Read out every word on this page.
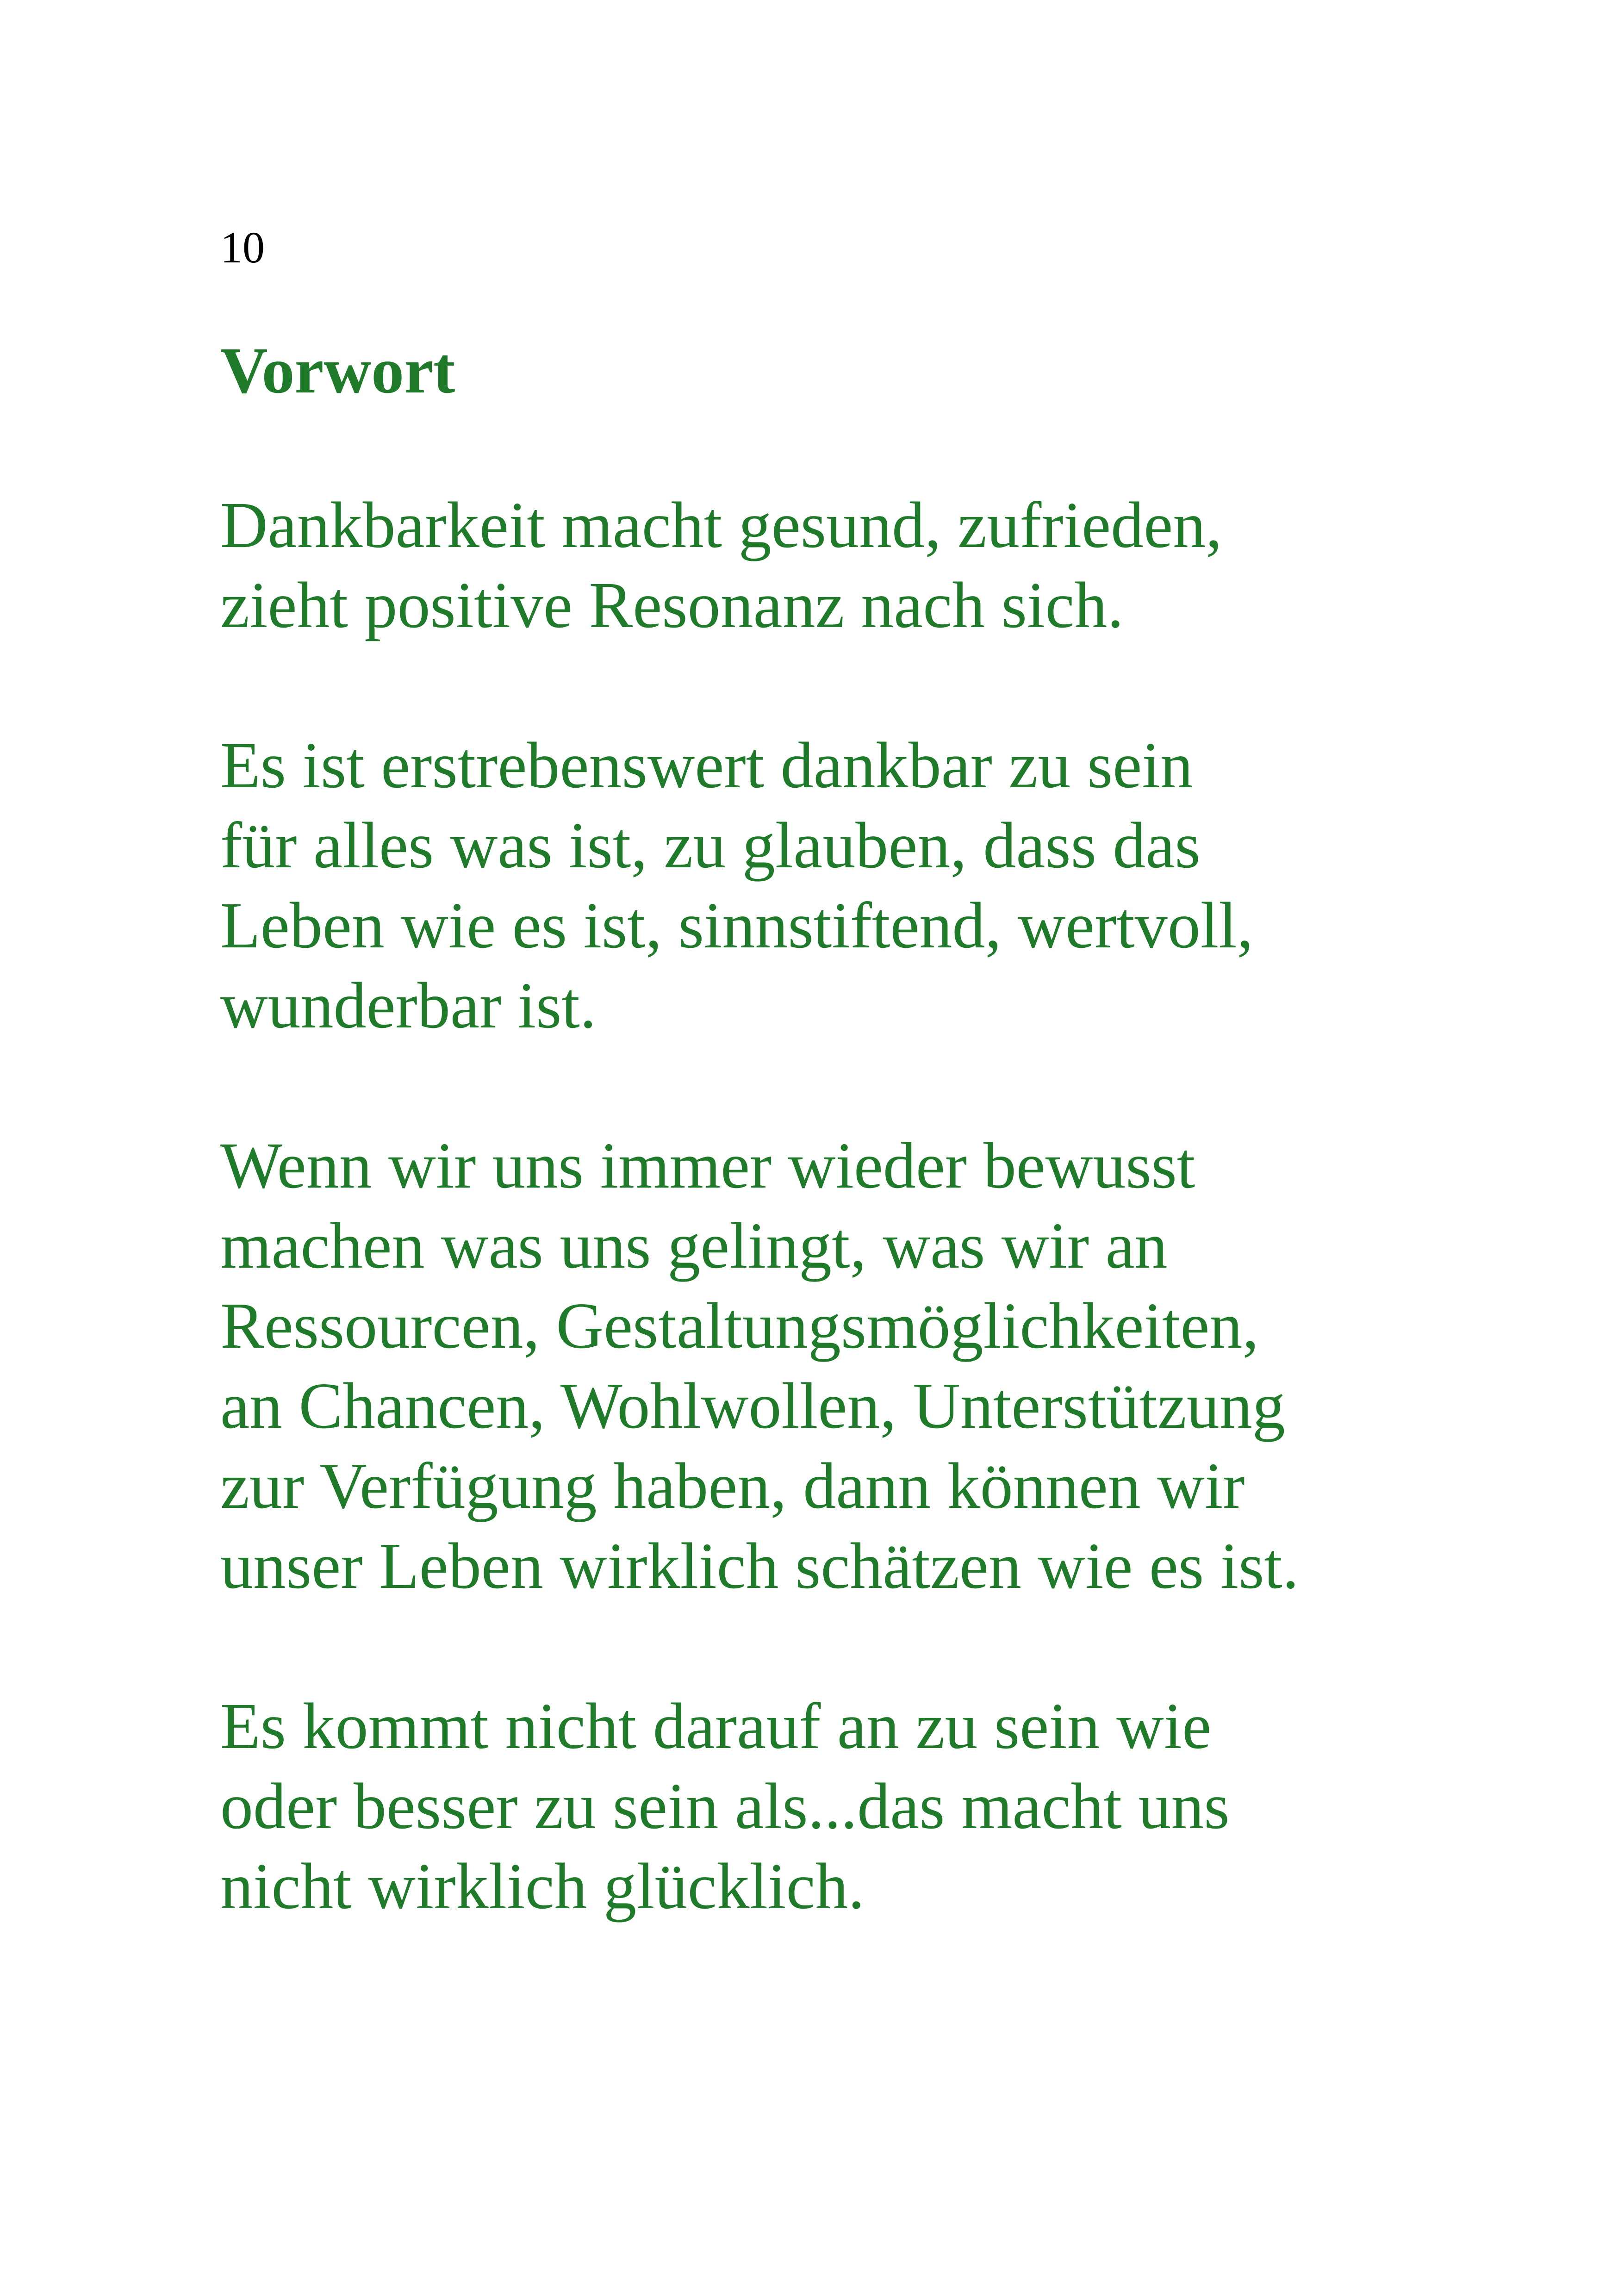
10
Vorwort

Dankbarkeit macht gesund, zufrieden,
zieht positive Resonanz nach sich.

Es ist erstrebenswert dankbar zu sein
für alles was ist, zu glauben, dass das
Leben wie es ist, sinnstiftend, wertvoll,
wunderbar ist.

Wenn wir uns immer wieder bewusst
machen was uns gelingt, was wir an
Ressourcen, Gestaltungsmöglichkeiten,
an Chancen, Wohlwollen, Unterstützung
zur Verfügung haben, dann können wir
unser Leben wirklich schätzen wie es ist.

Es kommt nicht darauf an zu sein wie
oder besser zu sein als...das macht uns
nicht wirklich glücklich.
